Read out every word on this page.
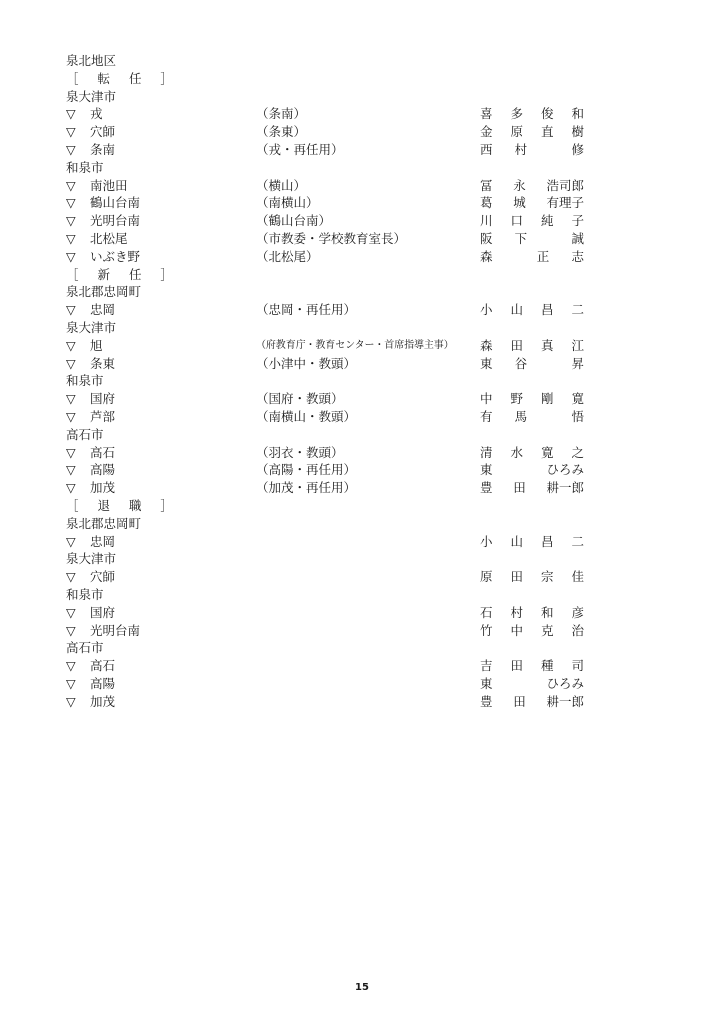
泉北地区
［ 転 任 ］
泉大津市
▽ 戎	（条南）	喜 多 俊 和
▽ 穴師	（条東）	金 原 直 樹
▽ 条南	（戎・再任用）	西 村	修
和泉市
▽ 南池田	（横山）	冨 永 浩司郎
▽ 鶴山台南	（南横山）	葛 城 有理子
▽ 光明台南	（鶴山台南）	川 口 純 子
▽ 北松尾	（市教委・学校教育室長）	阪 下	誠
▽ いぶき野	（北松尾）	森	正 志
［ 新 任 ］
泉北郡忠岡町
▽ 忠岡	（忠岡・再任用）	小 山 昌 二
泉大津市
▽ 旭	（府教育庁・教育センター・首席指導主事） 森 田 真 江
▽ 条東	（小津中・教頭）	東 谷	昇
和泉市
▽ 国府	（国府・教頭）	中 野 剛 寛
▽ 芦部	（南横山・教頭）	有 馬	悟
高石市
▽ 高石	（羽衣・教頭）	清 水 寛 之
▽ 高陽	（高陽・再任用）	東	ひろみ
▽ 加茂	（加茂・再任用）	豊 田 耕一郎
［ 退 職 ］
泉北郡忠岡町
▽ 忠岡	小 山 昌 二
泉大津市
▽ 穴師	原 田 宗 佳
和泉市
▽ 国府	石 村 和 彦
▽ 光明台南	竹 中 克 治
高石市
▽ 高石	吉 田 種 司
▽ 高陽	東	ひろみ
▽ 加茂	豊 田 耕一郎
15
